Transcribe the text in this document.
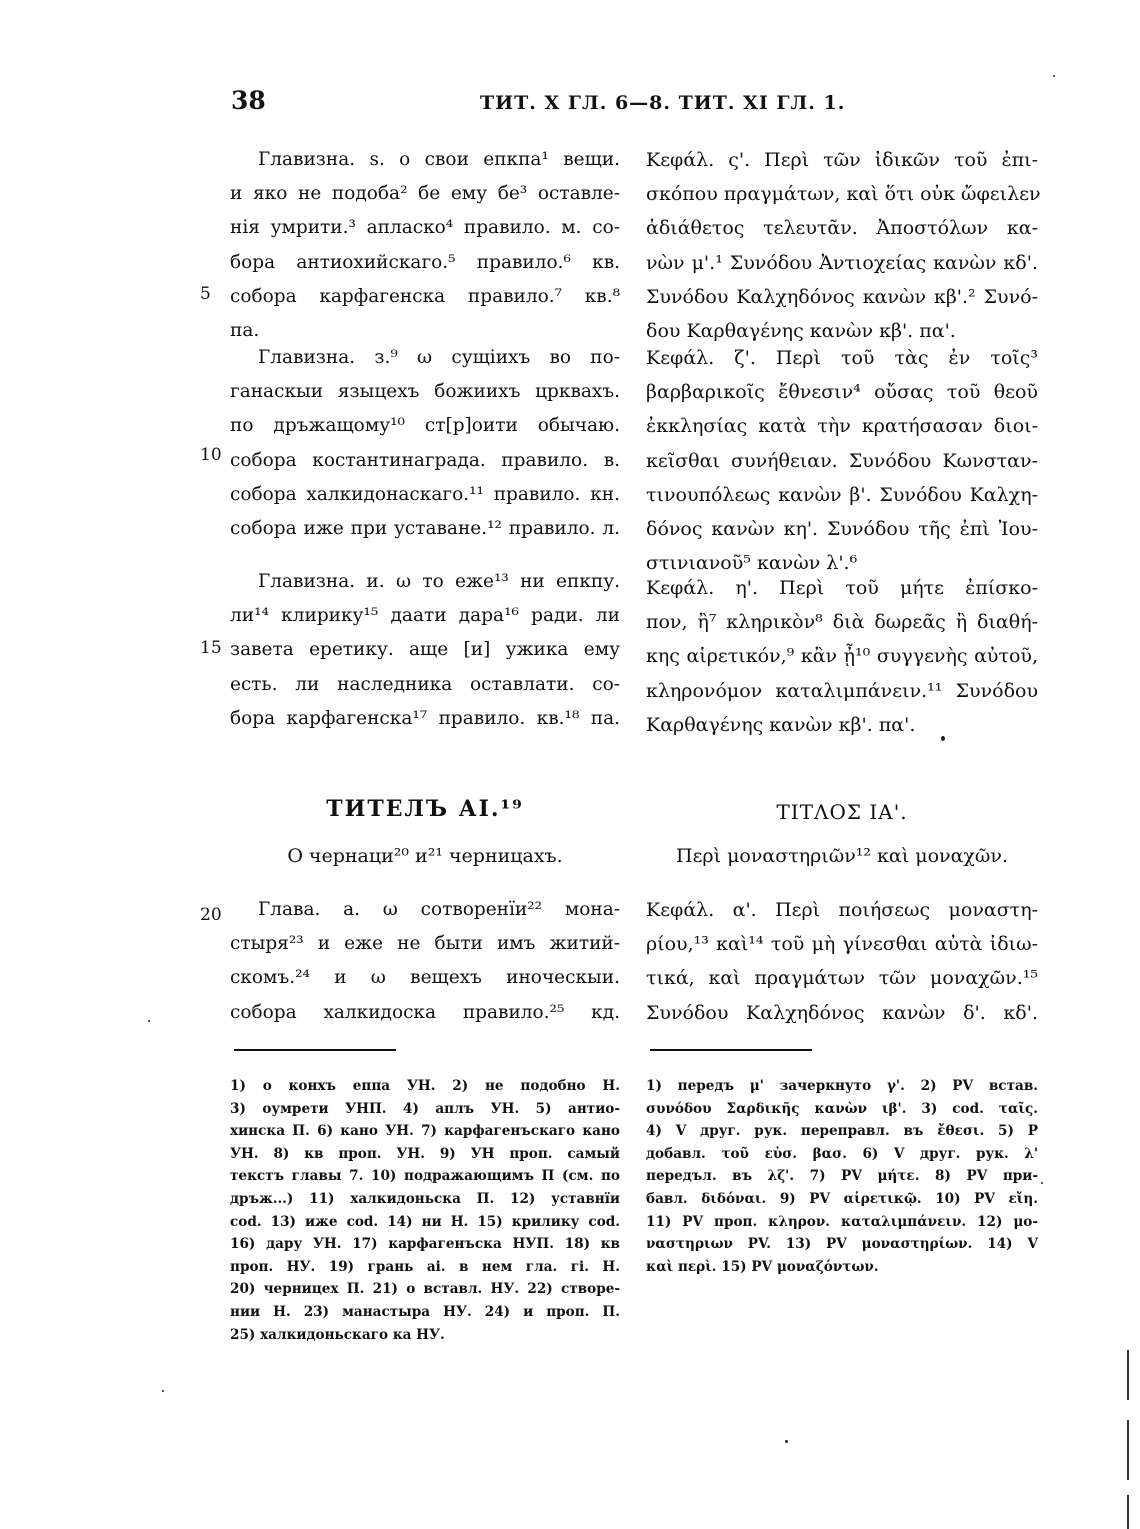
38	ТИТ. X ГЛ. 6—8. ТИТ. XI ГЛ. 1.
5
10
15
20
Главизна. ѕ. о свои епкпа¹ вещи.
и яко не подоба² бе ему бе³ оставле-
нія умрити.³ апласко⁴ правило. м. со-
бора антиохийскаго.⁵ правило.⁶ кв.
собора карфагенска правило.⁷ кв.⁸
па.
Главизна. з.⁹ ω сущіихъ во по-
ганаскыи языцехъ божиихъ цркваxъ.
по дръжащому¹⁰ ст[р]оити обычаю.
собора костантинаграда. правило. в.
собора халкидонаскаго.¹¹ правило. кн.
собора иже при уставане.¹² правило. л.
Главизна. и. ω то еже¹³ ни епкпу.
ли¹⁴ клирику¹⁵ даати дара¹⁶ ради. ли
завета еретику. аще [и] ужика ему
есть. ли наследника оставлати. со-
бора карфагенска¹⁷ правило. кв.¹⁸ па.
Κεφάλ. ς'. Περὶ τῶν ἰδικῶν τοῦ ἐπι-
σκόπου πραγμάτων, καὶ ὅτι οὐκ ὤφειλεν
ἀδιάθετος τελευτᾶν. Ἀποστόλων κα-
νὼν μ'.¹ Συνόδου Ἀντιοχείας κανὼν κδ'.
Συνόδου Καλχηδόνος κανὼν κβ'.² Συνό-
δου Καρθαγένης κανὼν κβ'. πα'.
Κεφάλ. ζ'. Περὶ τοῦ τὰς ἐν τοῖς³
βαρβαρικοῖς ἔθνεσιν⁴ οὔσας τοῦ θεοῦ
ἐκκλησίας κατὰ τὴν κρατήσασαν διοι-
κεῖσθαι συνήθειαν. Συνόδου Κωνσταν-
τινουπόλεως κανὼν β'. Συνόδου Καλχη-
δόνος κανὼν κη'. Συνόδου τῆς ἐπὶ Ἰου-
στινιανοῦ⁵ κανὼν λ'.⁶
Κεφάλ. η'. Περὶ τοῦ μήτε ἐπίσκο-
πον, ἢ⁷ κληρικὸν⁸ διὰ δωρεᾶς ἢ διαθή-
κης αἱρετικόν,⁹ κἂν ᾖ¹⁰ συγγενὴς αὐτοῦ,
κληρονόμον καταλιμπάνειν.¹¹ Συνόδου
Καρθαγένης κανὼν κβ'. πα'.
ТИТЕЛЪ АІ.¹⁹
О чернаци²⁰ и²¹ черницахъ.
ΤΙΤΛΟΣ ΙΑ'.
Περὶ μοναστηριῶν¹² καὶ μοναχῶν.
Глава. а. ω сотворенїи²² мона-
стыря²³ и еже не быти имъ житий-
скомъ.²⁴ и ω вещехъ иноческыи.
собора халкидоска правило.²⁵ кд.
Κεφάλ. α'. Περὶ ποιήσεως μοναστη-
ρίου,¹³ καὶ¹⁴ τοῦ μὴ γίνεσθαι αὐτὰ ἰδιω-
τικά, καὶ πραγμάτων τῶν μοναχῶν.¹⁵
Συνόδου Καλχηδόνος κανὼν δ'. κδ'.
1) о конхъ еппа УН. 2) не подобно Н.
3) оумрети УНП. 4) аплъ УН. 5) антио-
хинска П. 6) кано УН. 7) карфагенъскаго кано
УН. 8) кв проп. УН. 9) УН проп. самый
текстъ главы 7. 10) подражающимъ П (см. по
дръж...) 11) халкидоньска П. 12) уставнїи
cod. 13) иже cod. 14) ни Н. 15) крилику cod.
16) дару УН. 17) карфагенъска НУП. 18) кв
проп. НУ. 19) грань аі. в нем гла. гі. Н.
20) черницех П. 21) о вставл. НУ. 22) створе-
нии Н. 23) манастыра НУ. 24) и проп. П.
25) халкидоньскаго ка НУ.
1) передъ μ' зачеркнуто γ'. 2) PV встав.
συνόδου Σαρδικῆς κανὼν ιβ'. 3) cod. ταῖς.
4) V друг. рук. переправл. въ ἔθεσι. 5) P
добавл. τοῦ εὐσ. βασ. 6) V друг. рук. λ'
передъл. въ λζ'. 7) PV μήτε. 8) PV при-
бавл. διδόναι. 9) PV αἱρετικῷ. 10) PV εἴη.
11) PV проп. κληρον. καταλιμπάνειν. 12) μο-
ναστηριων PV. 13) PV μοναστηρίων. 14) V
καὶ περὶ. 15) PV μοναζόντων.
